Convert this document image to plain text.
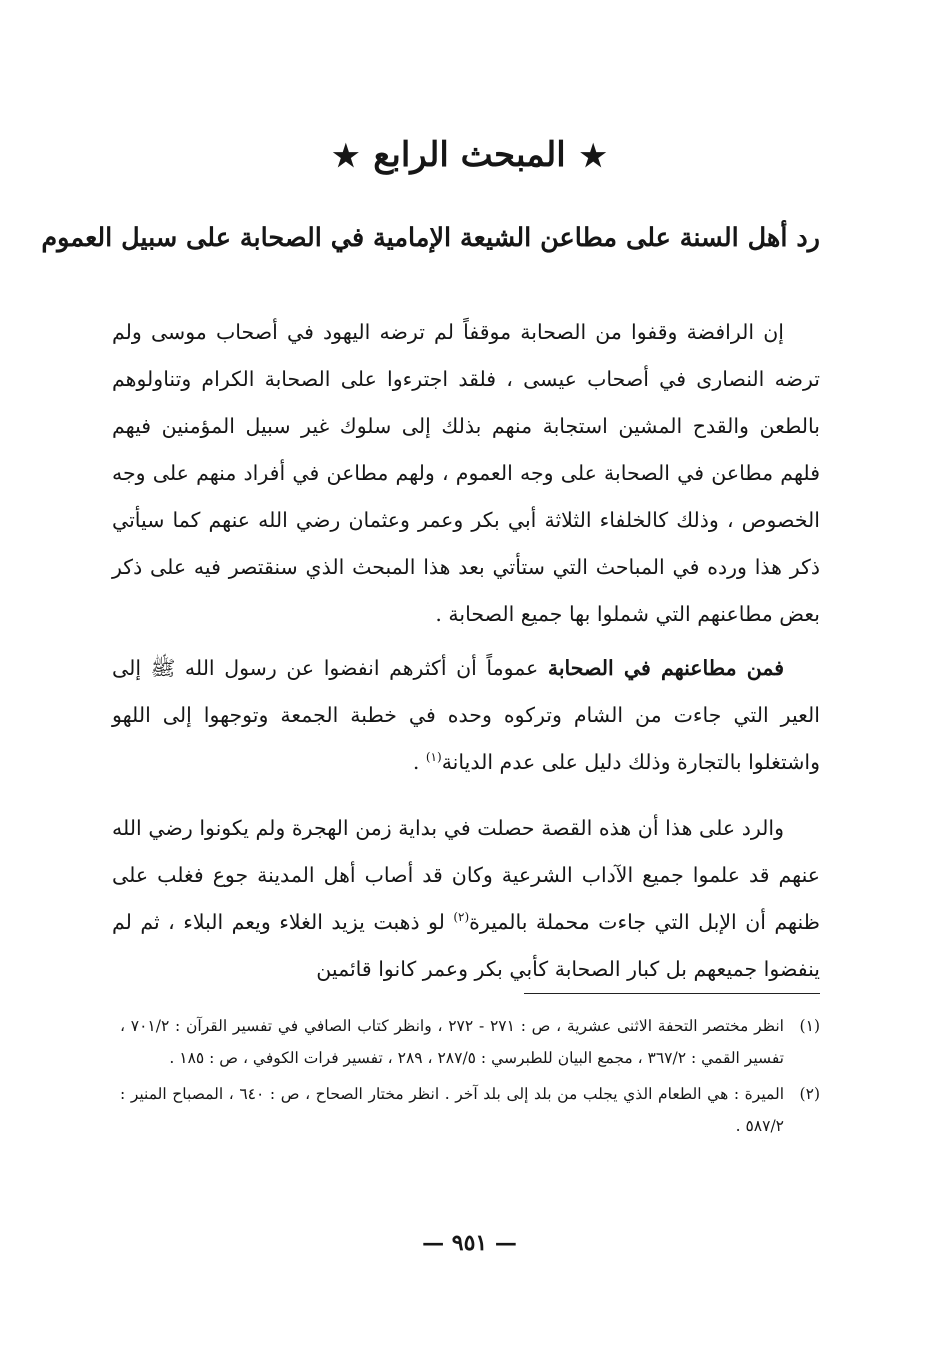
★المبحث الرابع★
رد أهل السنة على مطاعن الشيعة الإمامية في الصحابة على سبيل العموم

إن الرافضة وقفوا من الصحابة موقفاً لم ترضه اليهود في أصحاب موسى ولم ترضه النصارى في أصحاب عيسى ، فلقد اجترءوا على الصحابة الكرام وتناولوهم بالطعن والقدح المشين استجابة منهم بذلك إلى سلوك غير سبيل المؤمنين فيهم فلهم مطاعن في الصحابة على وجه العموم ، ولهم مطاعن في أفراد منهم على وجه الخصوص ، وذلك كالخلفاء الثلاثة أبي بكر وعمر وعثمان رضي الله عنهم كما سيأتي ذكر هذا ورده في المباحث التي ستأتي بعد هذا المبحث الذي سنقتصر فيه على ذكر بعض مطاعنهم التي شملوا بها جميع الصحابة .

فمن مطاعنهم في الصحابة عموماً أن أكثرهم انفضوا عن رسول الله ﷺ إلى العير التي جاءت من الشام وتركوه وحده في خطبة الجمعة وتوجهوا إلى اللهو واشتغلوا بالتجارة وذلك دليل على عدم الديانة$^{(١)}$ .

والرد على هذا أن هذه القصة حصلت في بداية زمن الهجرة ولم يكونوا رضي الله عنهم قد علموا جميع الآداب الشرعية وكان قد أصاب أهل المدينة جوع فغلب على ظنهم أن الإبل التي جاءت محملة بالميرة$^{(٢)}$ لو ذهبت يزيد الغلاء ويعم البلاء ، ثم لم ينفضوا جميعهم بل كبار الصحابة كأبي بكر وعمر كانوا قائمين

(١)
انظر مختصر التحفة الاثنى عشرية ، ص : ٢٧١ - ٢٧٢ ، وانظر كتاب الصافي في تفسير القرآن : ٧٠١/٢ ، تفسير القمي : ٣٦٧/٢ ، مجمع البيان للطبرسي : ٢٨٧/٥ ، ٢٨٩ ، تفسير فرات الكوفي ، ص : ١٨٥ .
(٢)
الميرة : هي الطعام الذي يجلب من بلد إلى بلد آخر . انظر مختار الصحاح ، ص : ٦٤٠ ، المصباح المنير : ٥٨٧/٢ .
— ٩٥١ —
